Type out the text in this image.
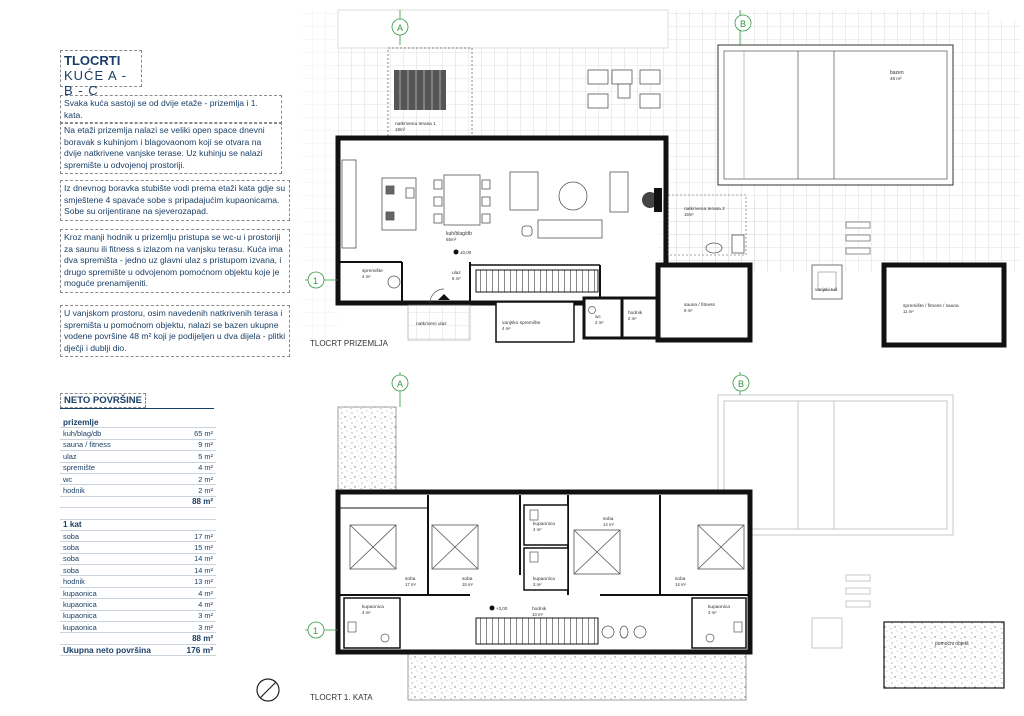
TLOCRTI
KUĆE A - B - C
Svaka kuća sastoji se od dvije etaže - prizemlja i 1. kata.
Na etaži prizemlja nalazi se veliki open space dnevni boravak s kuhinjom i blagovaonom koji se otvara na dvije natkrivene vanjske terase. Uz kuhinju se nalazi spremište u odvojenoj prostoriji.
Iz dnevnog boravka stubište vodi prema etaži kata gdje su smještene 4 spavaće sobe s pripadajućim kupaonicama. Sobe su orijentirane na sjeverozapad.
Kroz manji hodnik u prizemlju pristupa se wc-u i prostoriji za saunu ili fitness s izlazom na vanjsku terasu. Kuća ima dva spremišta - jedno uz glavni ulaz s pristupom izvana, i drugo spremište u odvojenom pomoćnom objektu koje je moguće prenamijeniti.
U vanjskom prostoru, osim navedenih natkrivenih terasa i spremišta u pomoćnom objektu, nalazi se bazen ukupne vodene površine 48 m² koji je podijeljen u dva dijela - plitki dječji i dublji dio.
NETO POVRŠINE
prizemlje	
kuh/blag/db	65 m²
sauna / fitness	9 m²
ulaz	5 m²
spremište	4 m²
wc	2 m²
hodnik	2 m²
	88 m²

1 kat	
soba	17 m²
soba	15 m²
soba	14 m²
soba	14 m²
hodnik	13 m²
kupaonica	4 m²
kupaonica	4 m²
kupaonica	3 m²
kupaonica	3 m²
	88 m²
Ukupna neto površina	176 m²
bazen
48 m²
natkrivena terasa 1
18m²
kuh/blag/db
65m²
±0,00
spremište
4 m²
ulaz
5 m²
natkriveni ulaz	vanjsko spremište
4 m²
wc
2 m²
hodnik
2 m²
sauna / fitness
9 m²
natkrivena terasa 2
18m²
vanjski tuš
spremište / fitness / sauna
11 m²
A	B
1
TLOCRT PRIZEMLJA
pomoćni objekt
soba
17 m²
soba
15 m²
soba
14 m²
soba
14 m²
kupaonica
4 m²
kupaonica
4 m²
kupaonica
3 m²
kupaonica
3 m²
hodnik
13 m²
+3,00
A	B
1
TLOCRT 1. KATA
